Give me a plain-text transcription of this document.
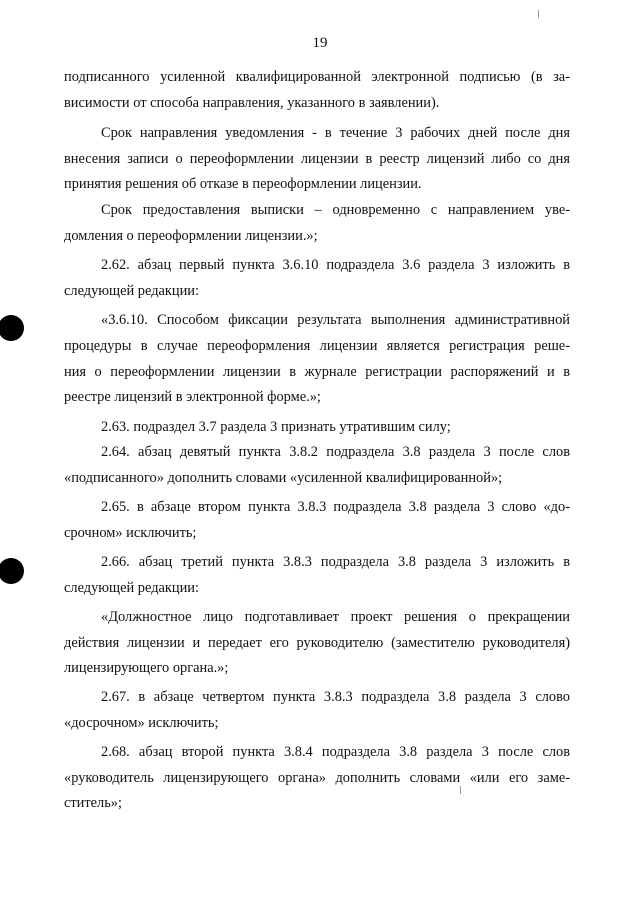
19
подписанного усиленной квалифицированной электронной подписью (в за-
висимости от способа направления, указанного в заявлении).
Срок направления уведомления - в течение 3 рабочих дней после дня
внесения записи о переоформлении лицензии в реестр лицензий либо со дня
принятия решения об отказе в переоформлении лицензии.
Срок предоставления выписки – одновременно с направлением уве-
домления о переоформлении лицензии.»;
2.62. абзац первый пункта 3.6.10 подраздела 3.6 раздела 3 изложить в
следующей редакции:
«3.6.10. Способом фиксации результата выполнения административной
процедуры в случае переоформления лицензии является регистрация реше-
ния о переоформлении лицензии в журнале регистрации распоряжений и в
реестре лицензий в электронной форме.»;
2.63. подраздел 3.7 раздела 3 признать утратившим силу;
2.64. абзац девятый пункта 3.8.2 подраздела 3.8 раздела 3 после слов
«подписанного» дополнить словами «усиленной квалифицированной»;
2.65. в абзаце втором пункта 3.8.3 подраздела 3.8 раздела 3 слово «до-
срочном» исключить;
2.66. абзац третий пункта 3.8.3 подраздела 3.8 раздела 3 изложить в
следующей редакции:
«Должностное лицо подготавливает проект решения о прекращении
действия лицензии и передает его руководителю (заместителю руководителя)
лицензирующего органа.»;
2.67. в абзаце четвертом пункта 3.8.3 подраздела 3.8 раздела 3 слово
«досрочном» исключить;
2.68. абзац второй пункта 3.8.4 подраздела 3.8 раздела 3 после слов
«руководитель лицензирующего органа» дополнить словами «или его заме-
ститель»;
